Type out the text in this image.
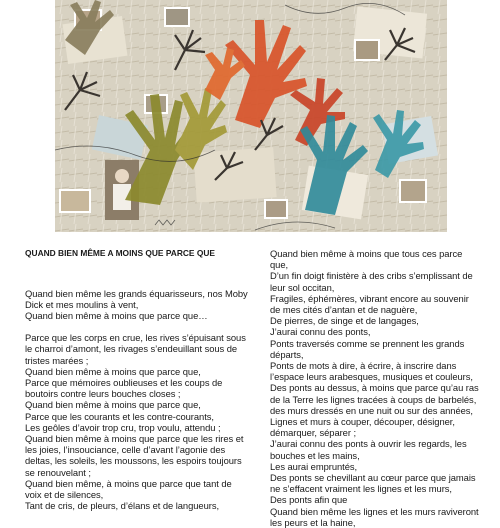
QUAND BIEN MÊME A MOINS QUE PARCE QUE
Quand bien même les grands équarisseurs, nos Moby Dick et mes moulins à vent,
Quand bien même à moins que parce que…
Parce que les corps en crue, les rives s’épuisant sous le charroi d’amont, les rivages s’endeuillant sous de tristes marées ;
Quand bien même à moins que parce que,
Parce que mémoires oublieuses et les coups de boutoirs contre leurs bouches closes ;
Quand bien même à moins que parce que,
Parce que les courants et les contre-courants,
Les geôles d’avoir trop cru, trop voulu, attendu ;
Quand bien même à moins que parce que les rires et les joies, l’insouciance, celle d’avant l’agonie des deltas, les soleils, les moussons, les espoirs toujours se renouvelant ;
Quand bien même, à moins que parce que tant de voix et de silences,
Tant de cris, de pleurs, d’élans et de langueurs,
Quand bien même à moins que tous ces parce que,
D’un fin doigt finistère à des cribs s’emplissant de leur sol occitan,
Fragiles, éphémères, vibrant encore au souvenir de mes cités d’antan et de naguère,
De pierres, de singe et de langages,
J’aurai connu des ponts,
Ponts traversés comme se prennent les grands départs,
Ponts de mots à dire, à écrire, à inscrire dans l’espace leurs arabesques, musiques et couleurs,
Des ponts au dessus, à moins que parce qu’au ras de la Terre les lignes tracées à coups de barbelés, des murs dressés en une nuit ou sur des années,
Lignes et murs à couper, découper, désigner, démarquer, séparer ;
J’aurai connu des ponts à ouvrir les regards, les bouches et les mains,
Les aurai empruntés,
Des ponts se chevillant au cœur parce que jamais ne s’effacent vraiment les lignes et les murs,
Des ponts afin que
Quand bien même les lignes et les murs raviveront les peurs et la haine,
